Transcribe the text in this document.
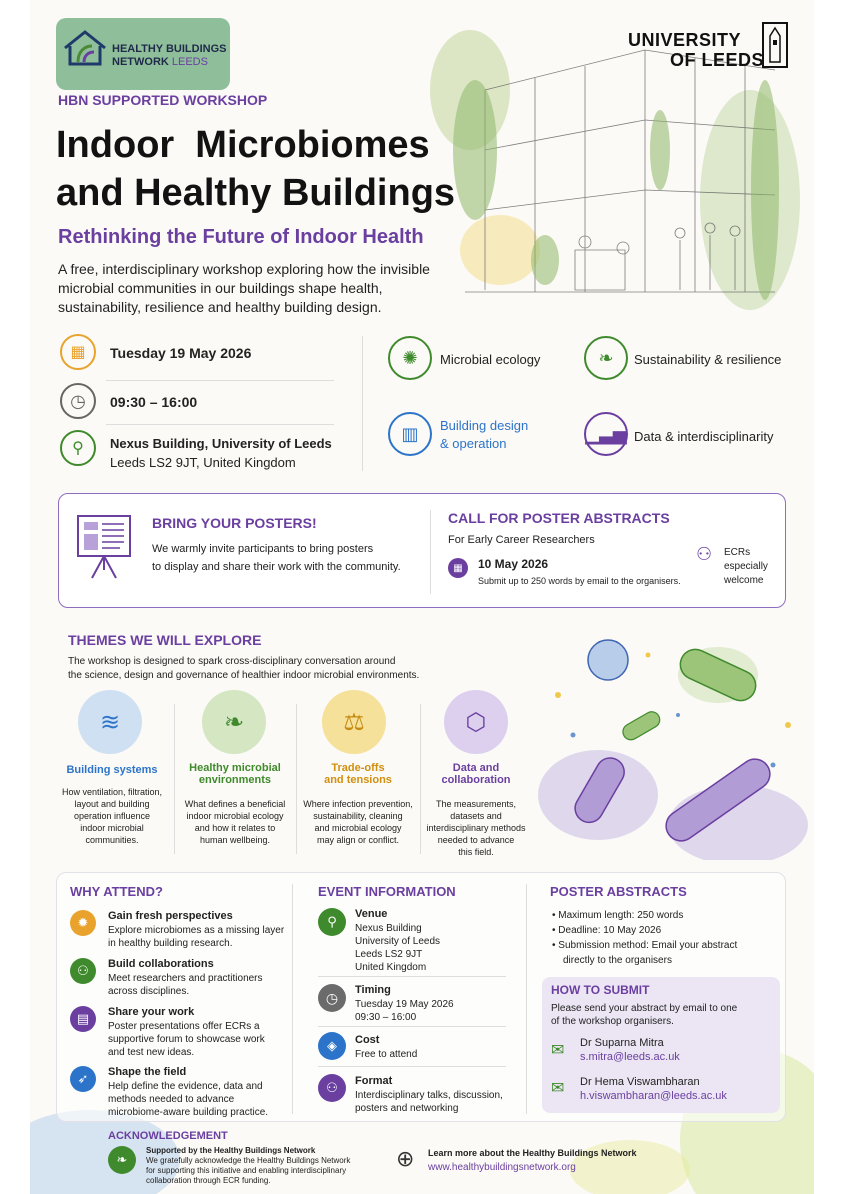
HEALTHY BUILDINGS
NETWORK LEEDS
UNIVERSITY
OF LEEDS
HBN SUPPORTED WORKSHOP
Indoor  Microbiomes
and Healthy Buildings
Rethinking the Future of Indoor Health
A free, interdisciplinary workshop exploring how the invisible microbial communities in our buildings shape health, sustainability, resilience and healthy building design.
▦	Tuesday 19 May 2026
◷	09:30 – 16:00
⚲	Nexus Building, University of Leeds
Leeds LS2 9JT, United Kingdom
✺	Microbial ecology	❧	Sustainability & resilience
▥	Building design
& operation	▁▃▅ Data & interdisciplinarity
BRING YOUR POSTERS!
We warmly invite participants to bring posters
to display and share their work with the community.
CALL FOR POSTER ABSTRACTS
For Early Career Researchers
▦	10 May 2026
Submit up to 250 words by email to the organisers.
⚇ ECRs
especially
welcome
THEMES WE WILL EXPLORE
The workshop is designed to spark cross-disciplinary conversation around
the science, design and governance of healthier indoor microbial environments.
≋
Building systems
How ventilation, filtration,
layout and building
operation influence
indoor microbial
communities.
❧
Healthy microbial
environments
What defines a beneficial
indoor microbial ecology
and how it relates to
human wellbeing.
⚖
Trade-offs
and tensions
Where infection prevention,
sustainability, cleaning
and microbial ecology
may align or conflict.
⬡
Data and
collaboration
The measurements,
datasets and
interdisciplinary methods
needed to advance
this field.
WHY ATTEND?
✹	Gain fresh perspectives
Explore microbiomes as a missing layer
in healthy building research.
⚇	Build collaborations
Meet researchers and practitioners
across disciplines.
▤	Share your work
Poster presentations offer ECRs a
supportive forum to showcase work
and test new ideas.
➶	Shape the field
Help define the evidence, data and
methods needed to advance
microbiome-aware building practice.
EVENT INFORMATION
⚲	Venue
Nexus Building
University of Leeds
Leeds LS2 9JT
United Kingdom
◷	Timing
Tuesday 19 May 2026
09:30 – 16:00
◈	Cost
Free to attend
⚇	Format
Interdisciplinary talks, discussion,
posters and networking
POSTER ABSTRACTS
• Maximum length: 250 words
• Deadline: 10 May 2026
• Submission method: Email your abstract
directly to the organisers
HOW TO SUBMIT
Please send your abstract by email to one
of the workshop organisers.
✉ Dr Suparna Mitra
s.mitra@leeds.ac.uk
✉ Dr Hema Viswambharan
h.viswambharan@leeds.ac.uk
ACKNOWLEDGEMENT
❧
Supported by the Healthy Buildings Network
We gratefully acknowledge the Healthy Buildings Network
for supporting this initiative and enabling interdisciplinary
collaboration through ECR funding.
⊕ Learn more about the Healthy Buildings Network
www.healthybuildingsnetwork.org
